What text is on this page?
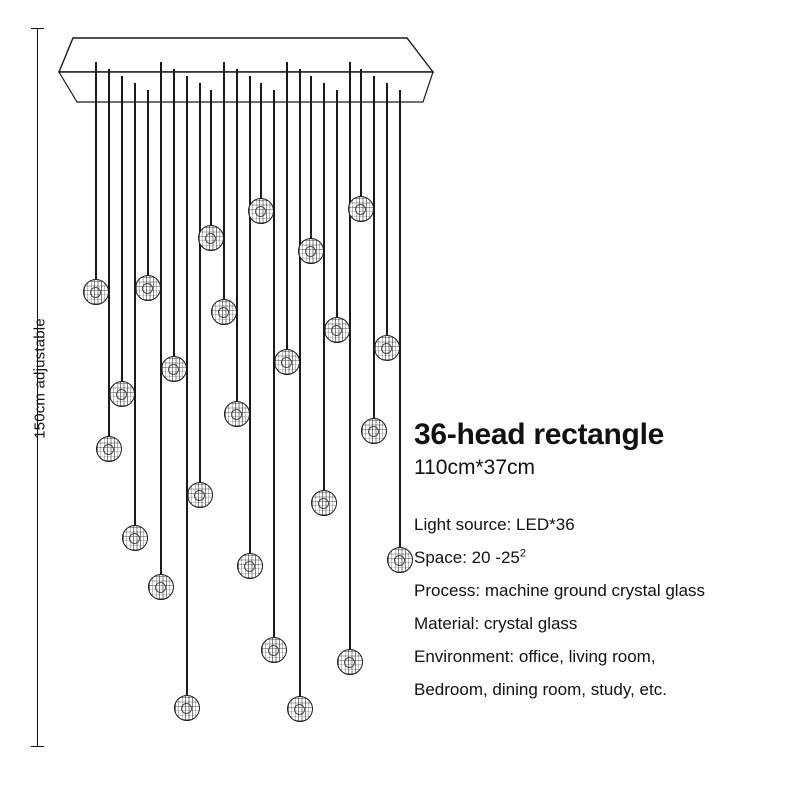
150cm adjustable	36-head rectangle
110cm*37cm
Light source: LED*36
Space: 20 $-25^2$
Process: machine ground crystal glass
Material: crystal glass
Environment: office, living room,
Bedroom, dining room, study, etc.
